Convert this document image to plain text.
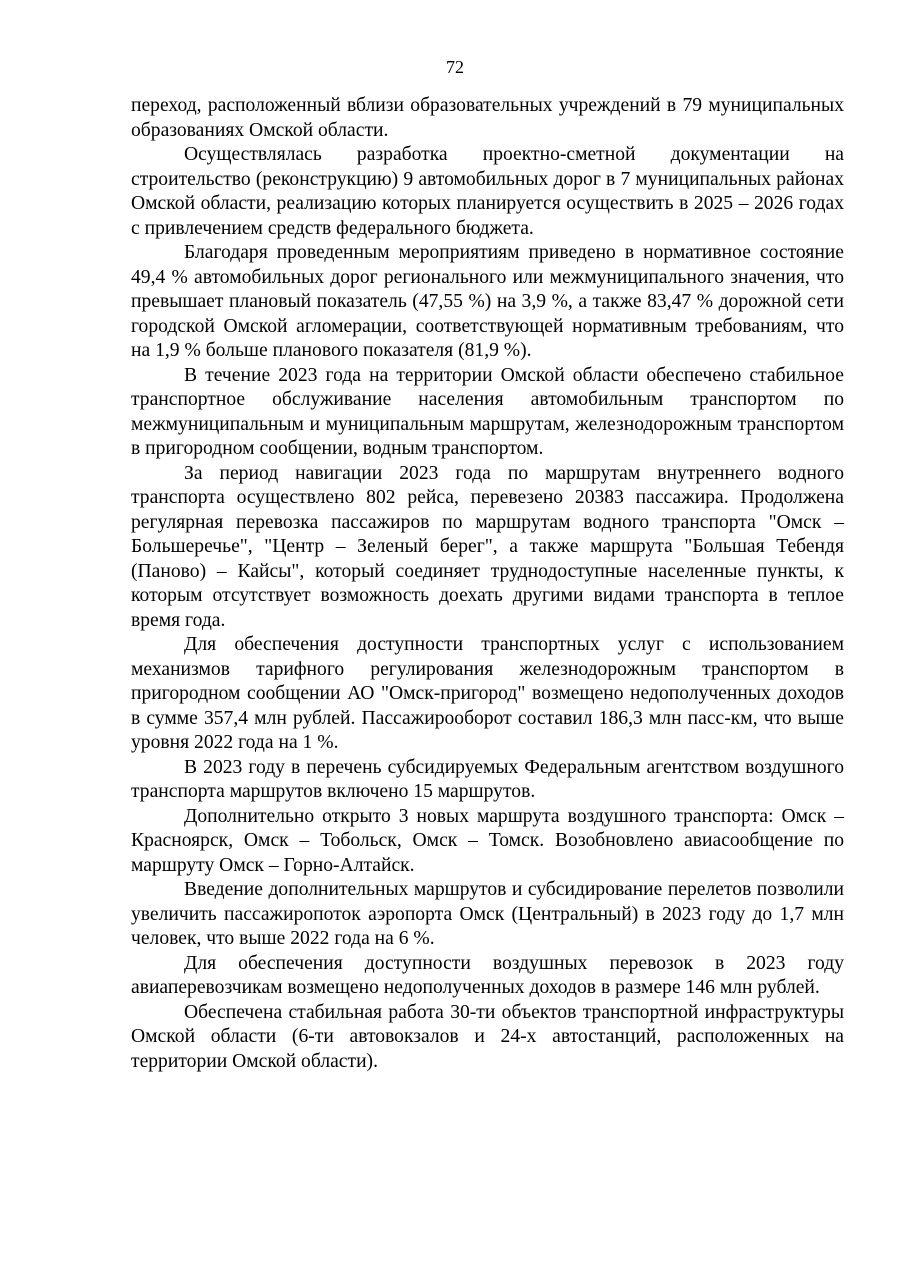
72

переход, расположенный вблизи образовательных учреждений в 79 муниципальных образованиях Омской области.

Осуществлялась разработка проектно-сметной документации на строительство (реконструкцию) 9 автомобильных дорог в 7 муниципальных районах Омской области, реализацию которых планируется осуществить в 2025 – 2026 годах с привлечением средств федерального бюджета.

Благодаря проведенным мероприятиям приведено в нормативное состояние 49,4 % автомобильных дорог регионального или межмуниципального значения, что превышает плановый показатель (47,55 %) на 3,9 %, а также 83,47 % дорожной сети городской Омской агломерации, соответствующей нормативным требованиям, что на 1,9 % больше планового показателя (81,9 %).

В течение 2023 года на территории Омской области обеспечено стабильное транспортное обслуживание населения автомобильным транспортом по межмуниципальным и муниципальным маршрутам, железнодорожным транспортом в пригородном сообщении, водным транспортом.

За период навигации 2023 года по маршрутам внутреннего водного транспорта осуществлено 802 рейса, перевезено 20383 пассажира. Продолжена регулярная перевозка пассажиров по маршрутам водного транспорта "Омск – Большеречье", "Центр – Зеленый берег", а также маршрута "Большая Тебендя (Паново) – Кайсы", который соединяет труднодоступные населенные пункты, к которым отсутствует возможность доехать другими видами транспорта в теплое время года.

Для обеспечения доступности транспортных услуг с использованием механизмов тарифного регулирования железнодорожным транспортом в пригородном сообщении АО "Омск-пригород" возмещено недополученных доходов в сумме 357,4 млн рублей. Пассажирооборот составил 186,3 млн пасс-км, что выше уровня 2022 года на 1 %.

В 2023 году в перечень субсидируемых Федеральным агентством воздушного транспорта маршрутов включено 15 маршрутов.

Дополнительно открыто 3 новых маршрута воздушного транспорта: Омск – Красноярск, Омск – Тобольск, Омск – Томск. Возобновлено авиасообщение по маршруту Омск – Горно-Алтайск.

Введение дополнительных маршрутов и субсидирование перелетов позволили увеличить пассажиропоток аэропорта Омск (Центральный) в 2023 году до 1,7 млн человек, что выше 2022 года на 6 %.

Для обеспечения доступности воздушных перевозок в 2023 году авиаперевозчикам возмещено недополученных доходов в размере 146 млн рублей.

Обеспечена стабильная работа 30-ти объектов транспортной инфраструктуры Омской области (6-ти автовокзалов и 24-х автостанций, расположенных на территории Омской области).
